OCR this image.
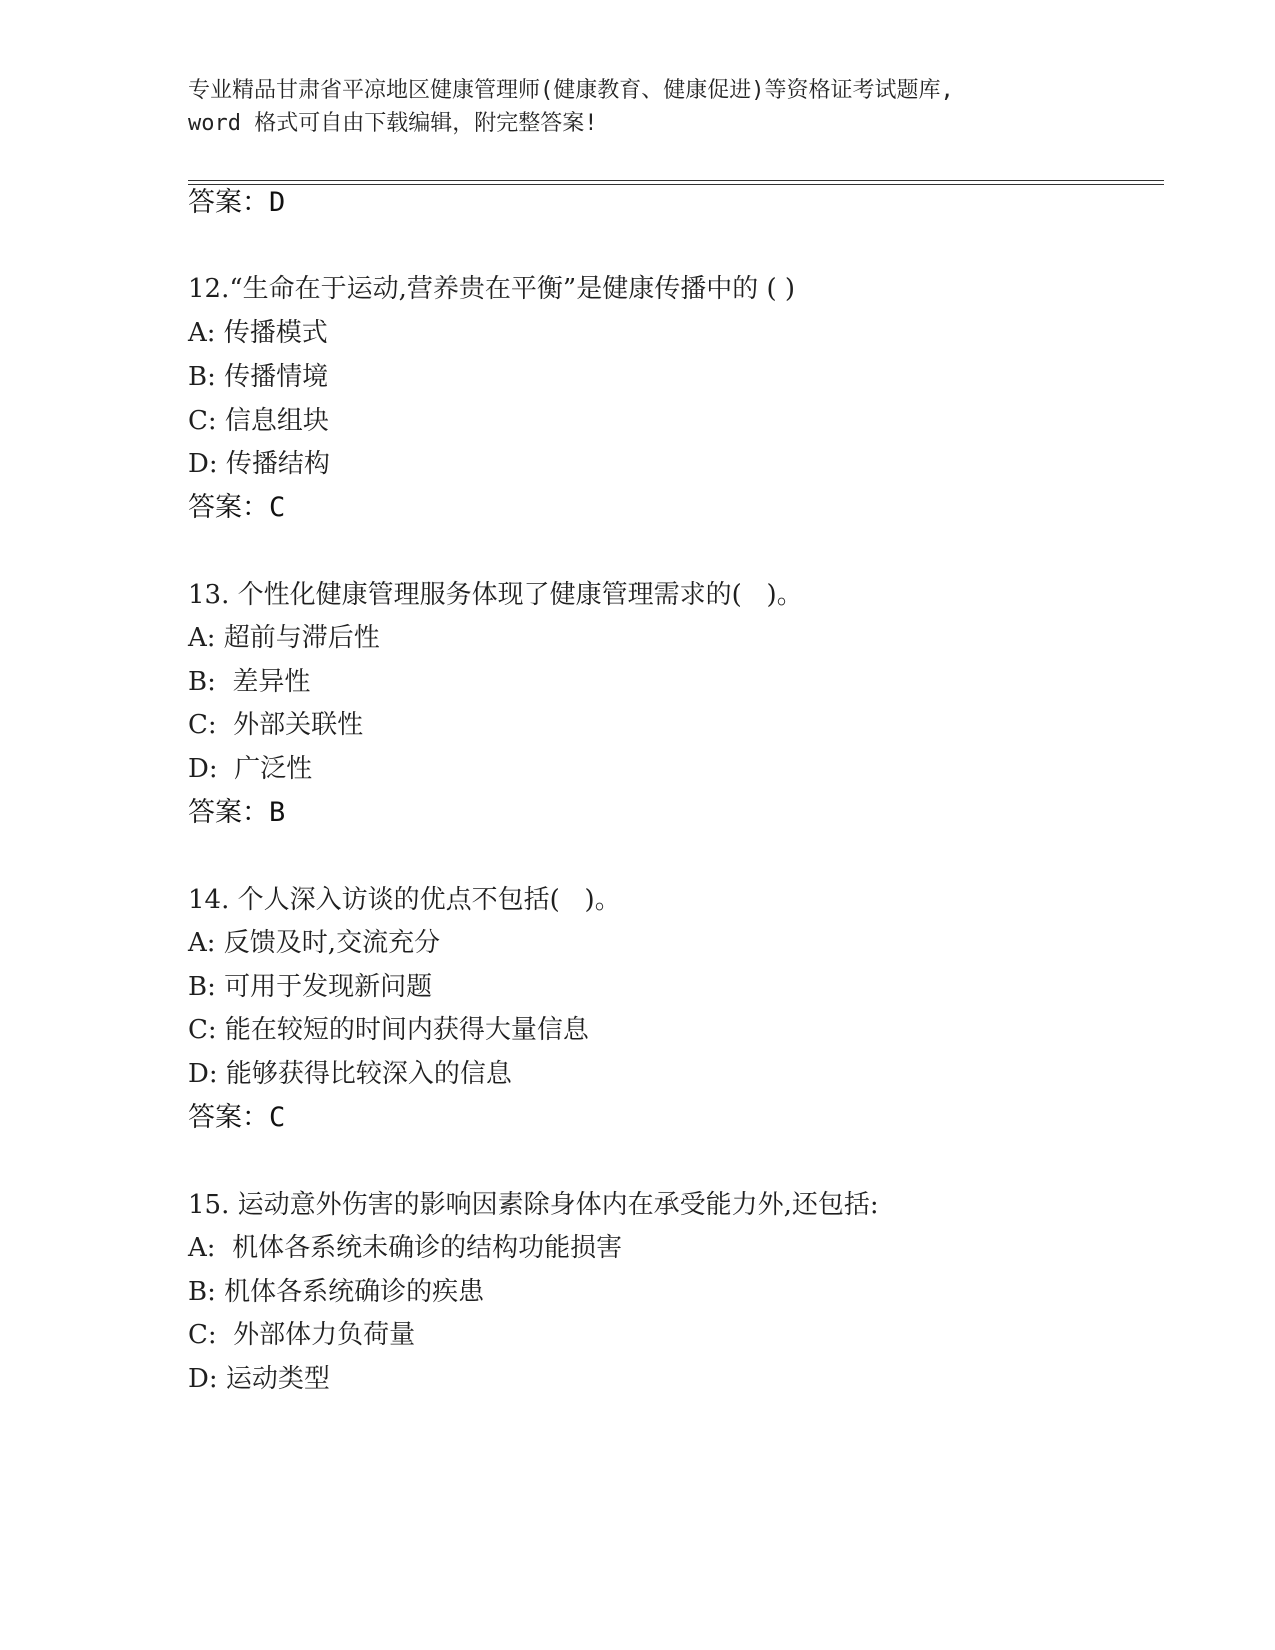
专业精品甘肃省平凉地区健康管理师(健康教育、健康促进)等资格证考试题库,
word 格式可自由下载编辑，附完整答案!
答案：D
12.“生命在于运动,营养贵在平衡”是健康传播中的 ( )
A: 传播模式
B: 传播情境
C: 信息组块
D: 传播结构
答案：C
13. 个性化健康管理服务体现了健康管理需求的(   )。
A: 超前与滞后性
B:  差异性
C:  外部关联性
D:  广泛性
答案：B
14. 个人深入访谈的优点不包括(   )。
A: 反馈及时,交流充分
B: 可用于发现新问题
C: 能在较短的时间内获得大量信息
D: 能够获得比较深入的信息
答案：C
15. 运动意外伤害的影响因素除身体内在承受能力外,还包括:
A:  机体各系统未确诊的结构功能损害
B: 机体各系统确诊的疾患
C:  外部体力负荷量
D: 运动类型
